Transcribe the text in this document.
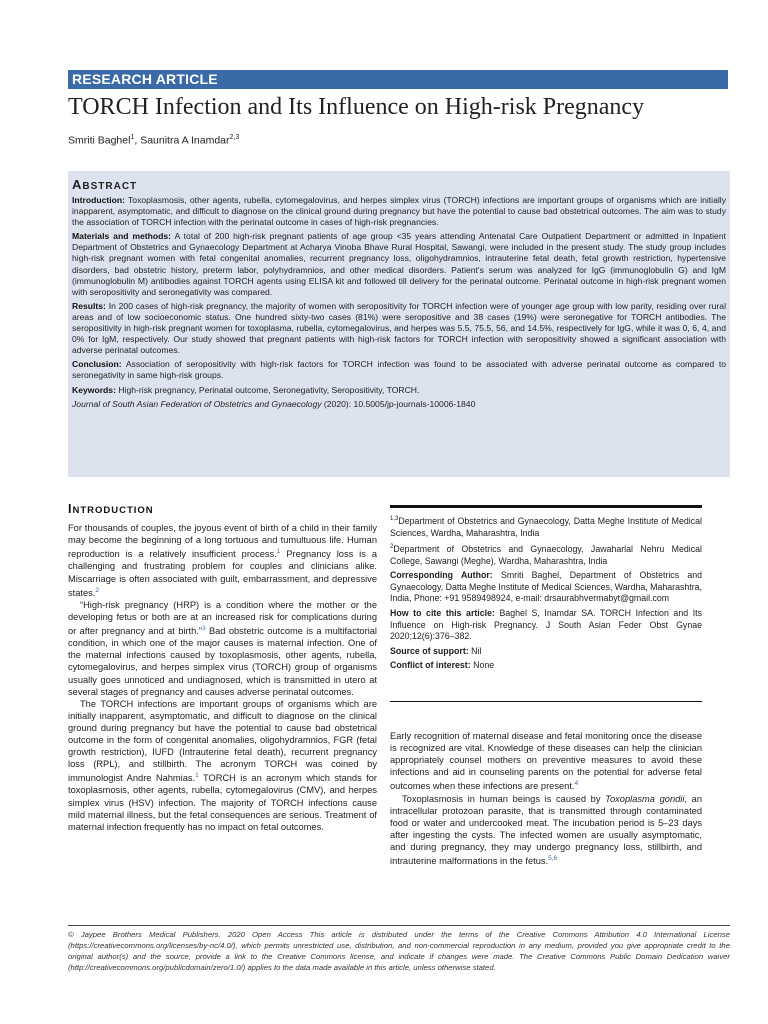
RESEARCH ARTICLE
TORCH Infection and Its Influence on High-risk Pregnancy
Smriti Baghel$^1$, Saunitra A Inamdar$^{2,3}$
ABSTRACT

Introduction: Toxoplasmosis, other agents, rubella, cytomegalovirus, and herpes simplex virus (TORCH) infections are important groups of organisms which are initially inapparent, asymptomatic, and difficult to diagnose on the clinical ground during pregnancy but have the potential to cause bad obstetrical outcomes. The aim was to study the association of TORCH infection with the perinatal outcome in cases of high-risk pregnancies.

Materials and methods: A total of 200 high-risk pregnant patients of age group <35 years attending Antenatal Care Outpatient Department or admitted in Inpatient Department of Obstetrics and Gynaecology Department at Acharya Vinoba Bhave Rural Hospital, Sawangi, were included in the present study. The study group includes high-risk pregnant women with fetal congenital anomalies, recurrent pregnancy loss, oligohydramnios, intrauterine fetal death, fetal growth restriction, hypertensive disorders, bad obstetric history, preterm labor, polyhydramnios, and other medical disorders. Patient's serum was analyzed for IgG (immunoglobulin G) and IgM (immunoglobulin M) antibodies against TORCH agents using ELISA kit and followed till delivery for the perinatal outcome. Perinatal outcome in high-risk pregnant women with seropositivity and seronegativity was compared.

Results: In 200 cases of high-risk pregnancy, the majority of women with seropositivity for TORCH infection were of younger age group with low parity, residing over rural areas and of low socioeconomic status. One hundred sixty-two cases (81%) were seropositive and 38 cases (19%) were seronegative for TORCH antibodies. The seropositivity in high-risk pregnant women for toxoplasma, rubella, cytomegalovirus, and herpes was 5.5, 75.5, 56, and 14.5%, respectively for IgG, while it was 0, 6, 4, and 0% for IgM, respectively. Our study showed that pregnant patients with high-risk factors for TORCH infection with seropositivity showed a significant association with adverse perinatal outcomes.

Conclusion: Association of seropositivity with high-risk factors for TORCH infection was found to be associated with adverse perinatal outcome as compared to seronegativity in same high-risk groups.

Keywords: High-risk pregnancy, Perinatal outcome, Seronegativity, Seropositivity, TORCH.

Journal of South Asian Federation of Obstetrics and Gynaecology (2020): 10.5005/jp-journals-10006-1840
INTRODUCTION

For thousands of couples, the joyous event of birth of a child in their family may become the beginning of a long tortuous and tumultuous life. Human reproduction is a relatively insufficient process.$^1$ Pregnancy loss is a challenging and frustrating problem for couples and clinicians alike. Miscarriage is often associated with guilt, embarrassment, and depressive states.$^2$

“High-risk pregnancy (HRP) is a condition where the mother or the developing fetus or both are at an increased risk for complications during or after pregnancy and at birth.”$^3$ Bad obstetric outcome is a multifactorial condition, in which one of the major causes is maternal infection. One of the maternal infections caused by toxoplasmosis, other agents, rubella, cytomegalovirus, and herpes simplex virus (TORCH) group of organisms usually goes unnoticed and undiagnosed, which is transmitted in utero at several stages of pregnancy and causes adverse perinatal outcomes.

The TORCH infections are important groups of organisms which are initially inapparent, asymptomatic, and difficult to diagnose on the clinical ground during pregnancy but have the potential to cause bad obstetrical outcome in the form of congenital anomalies, oligohydramnios, FGR (fetal growth restriction), IUFD (Intrauterine fetal death), recurrent pregnancy loss (RPL), and stillbirth. The acronym TORCH was coined by immunologist Andre Nahmias.$^1$ TORCH is an acronym which stands for toxoplasmosis, other agents, rubella, cytomegalovirus (CMV), and herpes simplex virus (HSV) infection. The majority of TORCH infections cause mild maternal illness, but the fetal consequences are serious. Treatment of maternal infection frequently has no impact on fetal outcomes.

$^{1,3}$Department of Obstetrics and Gynaecology, Datta Meghe Institute of Medical Sciences, Wardha, Maharashtra, India

$^2$Department of Obstetrics and Gynaecology, Jawaharlal Nehru Medical College, Sawangi (Meghe), Wardha, Maharashtra, India

Corresponding Author: Smriti Baghel, Department of Obstetrics and Gynaecology, Datta Meghe Institute of Medical Sciences, Wardha, Maharashtra, India, Phone: +91 9589498924, e-mail: drsaurabhvermabyt@gmail.com

How to cite this article: Baghel S, Inamdar SA. TORCH Infection and Its Influence on High-risk Pregnancy. J South Asian Feder Obst Gynae 2020;12(6):376–382.

Source of support: Nil

Conflict of interest: None

Early recognition of maternal disease and fetal monitoring once the disease is recognized are vital. Knowledge of these diseases can help the clinician appropriately counsel mothers on preventive measures to avoid these infections and aid in counseling parents on the potential for adverse fetal outcomes when these infections are present.$^4$

Toxoplasmosis in human beings is caused by Toxoplasma gondii, an intracellular protozoan parasite, that is transmitted through contaminated food or water and undercooked meat. The incubation period is 5–23 days after ingesting the cysts. The infected women are usually asymptomatic, and during pregnancy, they may undergo pregnancy loss, stillbirth, and intrauterine malformations in the fetus.$^{5,6}$

© Jaypee Brothers Medical Publishers. 2020 Open Access This article is distributed under the terms of the Creative Commons Attribution 4.0 International License (https://creativecommons.org/licenses/by-nc/4.0/), which permits unrestricted use, distribution, and non-commercial reproduction in any medium, provided you give appropriate credit to the original author(s) and the source, provide a link to the Creative Commons license, and indicate if changes were made. The Creative Commons Public Domain Dedication waiver (http://creativecommons.org/publicdomain/zero/1.0/) applies to the data made available in this article, unless otherwise stated.
